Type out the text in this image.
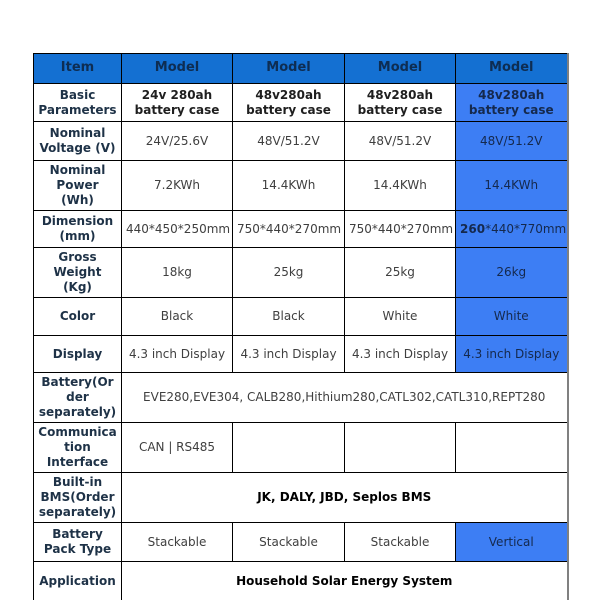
Item	Model	Model	Model	Model
Basic Parameters	24v 280ah battery case	48v280ah battery case	48v280ah battery case	48v280ah battery case
Nominal Voltage (V)	24V/25.6V	48V/51.2V	48V/51.2V	48V/51.2V
Nominal Power (Wh)	7.2KWh	14.4KWh	14.4KWh	14.4KWh
Dimension (mm)	440*450*250mm	750*440*270mm	750*440*270mm	260*440*770mm
Gross Weight (Kg)	18kg	25kg	25kg	26kg
Color	Black	Black	White	White
Display	4.3 inch Display	4.3 inch Display	4.3 inch Display	4.3 inch Display
Battery(Order separately)	EVE280,EVE304, CALB280,Hithium280,CATL302,CATL310,REPT280			
Communication Interface	CAN | RS485			
Built-in BMS(Order separately)	JK, DALY, JBD, Seplos BMS			
Battery Pack Type	Stackable	Stackable	Stackable	Vertical
Application	Household Solar Energy System			
